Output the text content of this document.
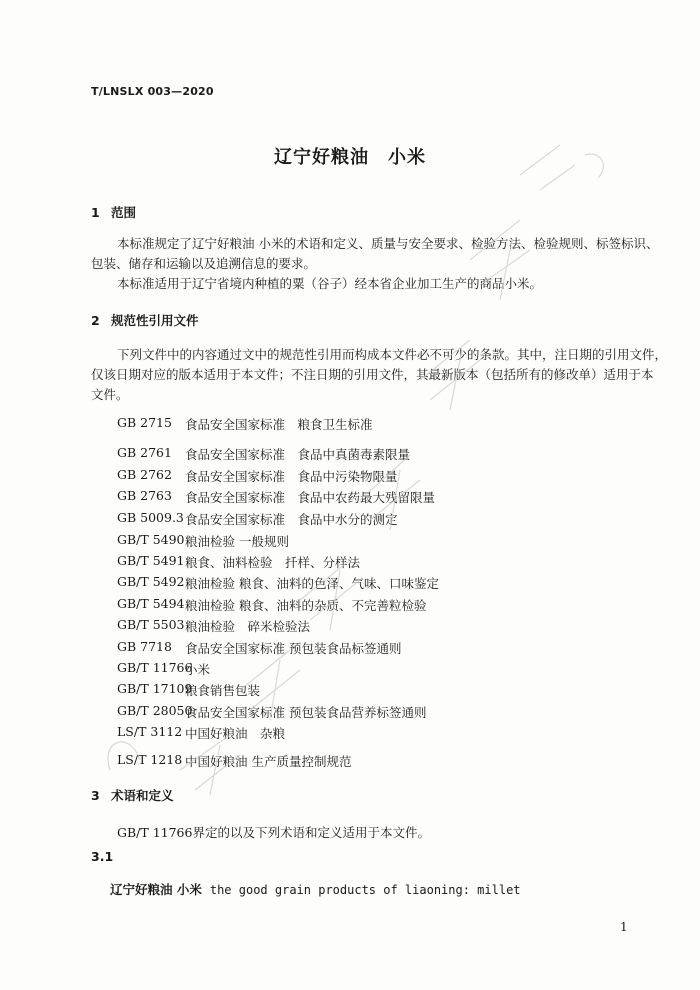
T/LNSLX 003—2020
辽宁好粮油　小米
1 范围
本标准规定了辽宁好粮油 小米的术语和定义、质量与安全要求、检验方法、检验规则、标签标识、
包装、储存和运输以及追溯信息的要求。
本标准适用于辽宁省境内种植的粟（谷子）经本省企业加工生产的商品小米。
2 规范性引用文件
下列文件中的内容通过文中的规范性引用而构成本文件必不可少的条款。其中，注日期的引用文件，
仅该日期对应的版本适用于本文件；不注日期的引用文件，其最新版本（包括所有的修改单）适用于本
文件。
GB 2715 食品安全国家标准　粮食卫生标准
GB 2761 食品安全国家标准　食品中真菌毒素限量
GB 2762 食品安全国家标准　食品中污染物限量
GB 2763 食品安全国家标准　食品中农药最大残留限量
GB 5009.3 食品安全国家标准　食品中水分的测定
GB/T 5490 粮油检验 一般规则
GB/T 5491 粮食、油料检验　扦样、分样法
GB/T 5492 粮油检验 粮食、油料的色泽、气味、口味鉴定
GB/T 5494 粮油检验 粮食、油料的杂质、不完善粒检验
GB/T 5503 粮油检验　碎米检验法
GB 7718 食品安全国家标准 预包装食品标签通则
GB/T 11766
小米
GB/T 17109
粮食销售包装
GB/T 28050
食品安全国家标准 预包装食品营养标签通则
LS/T 3112 中国好粮油　杂粮
LS/T 1218 中国好粮油 生产质量控制规范
3 术语和定义
GB/T 11766界定的以及下列术语和定义适用于本文件。
3.1
辽宁好粮油 小米 the good grain products of liaoning: millet
1
